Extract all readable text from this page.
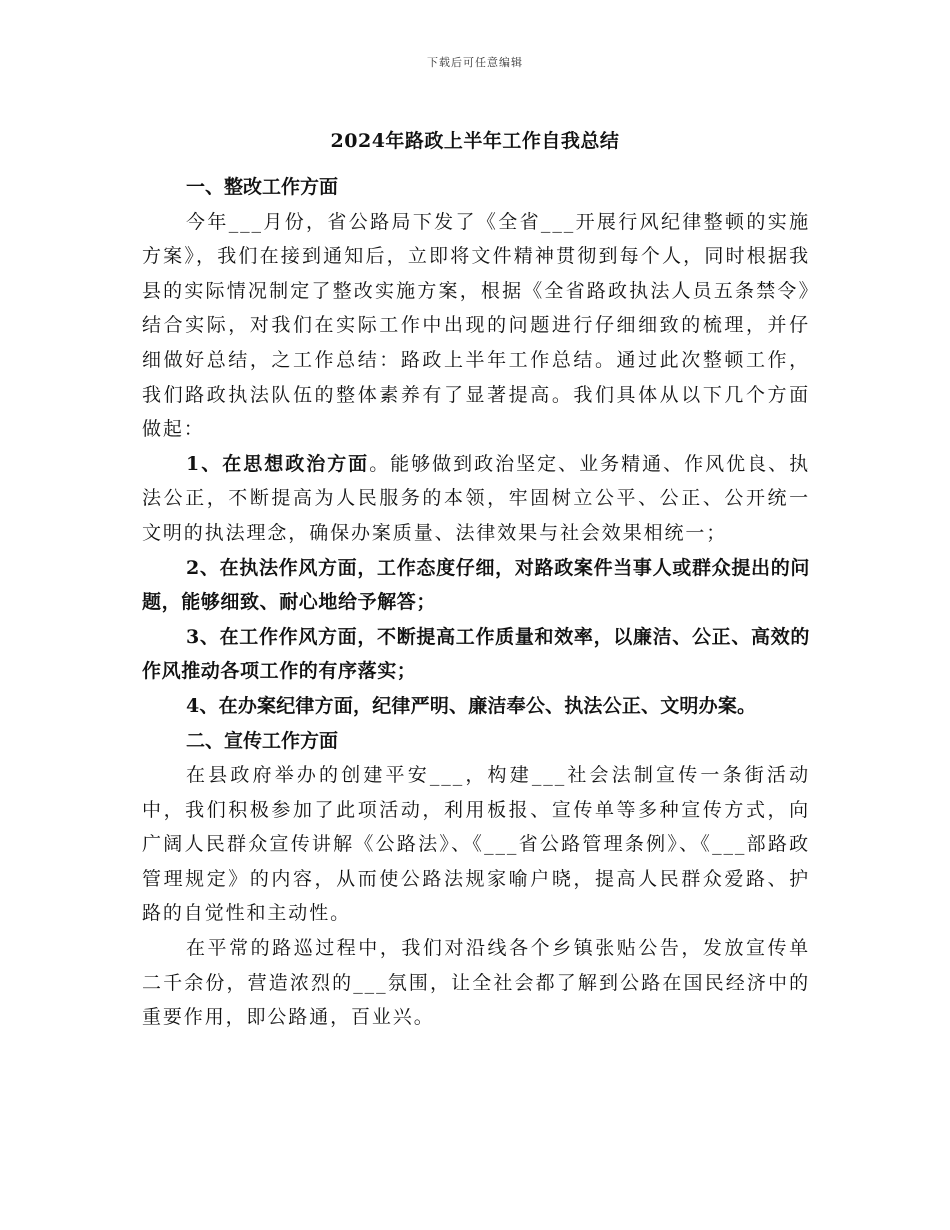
下载后可任意编辑
2024年路政上半年工作自我总结

一、整改工作方面

今年___月份，省公路局下发了《全省___开展行风纪律整顿的实施方案》，我们在接到通知后，立即将文件精神贯彻到每个人，同时根据我县的实际情况制定了整改实施方案，根据《全省路政执法人员五条禁令》结合实际，对我们在实际工作中出现的问题进行仔细细致的梳理，并仔细做好总结，之工作总结：路政上半年工作总结。通过此次整顿工作，我们路政执法队伍的整体素养有了显著提高。我们具体从以下几个方面做起：

1、在思想政治方面。能够做到政治坚定、业务精通、作风优良、执法公正，不断提高为人民服务的本领，牢固树立公平、公正、公开统一文明的执法理念，确保办案质量、法律效果与社会效果相统一；

2、在执法作风方面，工作态度仔细，对路政案件当事人或群众提出的问题，能够细致、耐心地给予解答；

3、在工作作风方面，不断提高工作质量和效率，以廉洁、公正、高效的作风推动各项工作的有序落实；

4、在办案纪律方面，纪律严明、廉洁奉公、执法公正、文明办案。

二、宣传工作方面

在县政府举办的创建平安___，构建___社会法制宣传一条街活动中，我们积极参加了此项活动，利用板报、宣传单等多种宣传方式，向广阔人民群众宣传讲解《公路法》、《___省公路管理条例》、《___部路政管理规定》的内容，从而使公路法规家喻户晓，提高人民群众爱路、护路的自觉性和主动性。

在平常的路巡过程中，我们对沿线各个乡镇张贴公告，发放宣传单二千余份，营造浓烈的___氛围，让全社会都了解到公路在国民经济中的重要作用，即公路通，百业兴。
